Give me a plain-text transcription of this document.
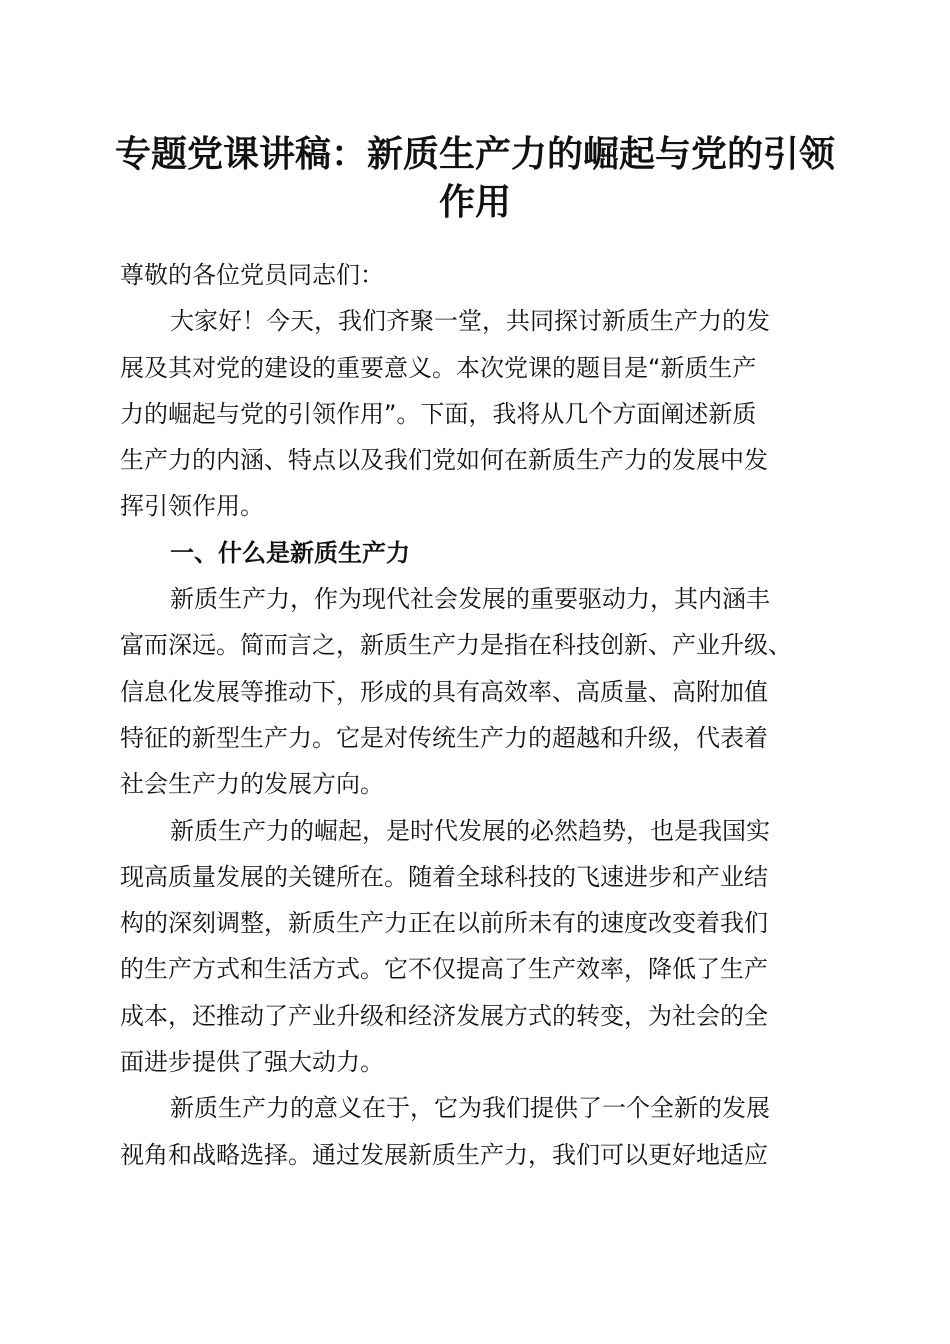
专题党课讲稿：新质生产力的崛起与党的引领
作用
尊敬的各位党员同志们：
大家好！今天，我们齐聚一堂，共同探讨新质生产力的发
展及其对党的建设的重要意义。本次党课的题目是“新质生产
力的崛起与党的引领作用”。下面，我将从几个方面阐述新质
生产力的内涵、特点以及我们党如何在新质生产力的发展中发
挥引领作用。
一、什么是新质生产力
新质生产力，作为现代社会发展的重要驱动力，其内涵丰
富而深远。简而言之，新质生产力是指在科技创新、产业升级、
信息化发展等推动下，形成的具有高效率、高质量、高附加值
特征的新型生产力。它是对传统生产力的超越和升级，代表着
社会生产力的发展方向。
新质生产力的崛起，是时代发展的必然趋势，也是我国实
现高质量发展的关键所在。随着全球科技的飞速进步和产业结
构的深刻调整，新质生产力正在以前所未有的速度改变着我们
的生产方式和生活方式。它不仅提高了生产效率，降低了生产
成本，还推动了产业升级和经济发展方式的转变，为社会的全
面进步提供了强大动力。
新质生产力的意义在于，它为我们提供了一个全新的发展
视角和战略选择。通过发展新质生产力，我们可以更好地适应
